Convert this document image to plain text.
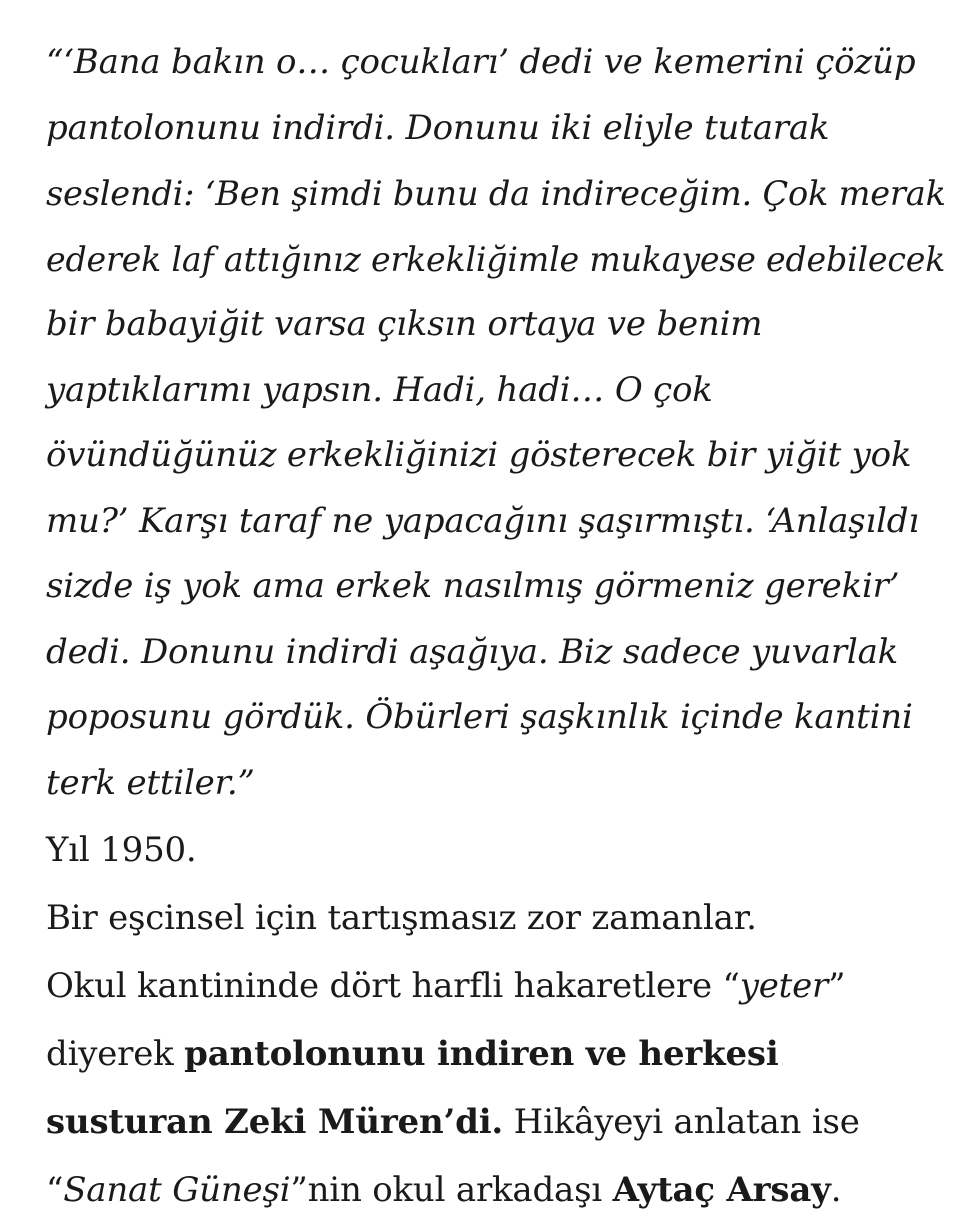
“‘Bana bakın o… çocukları’ dedi ve kemerini çözüp
pantolonunu indirdi. Donunu iki eliyle tutarak
seslendi: ‘Ben şimdi bunu da indireceğim. Çok merak
ederek laf attığınız erkekliğimle mukayese edebilecek
bir babayiğit varsa çıksın ortaya ve benim
yaptıklarımı yapsın. Hadi, hadi… O çok
övündüğünüz erkekliğinizi gösterecek bir yiğit yok
mu?’ Karşı taraf ne yapacağını şaşırmıştı. ‘Anlaşıldı
sizde iş yok ama erkek nasılmış görmeniz gerekir’
dedi. Donunu indirdi aşağıya. Biz sadece yuvarlak
poposunu gördük. Öbürleri şaşkınlık içinde kantini
terk ettiler.”
Yıl 1950.
Bir eşcinsel için tartışmasız zor zamanlar.
Okul kantininde dört harfli hakaretlere “yeter”
diyerek pantolonunu indiren ve herkesi
susturan Zeki Müren’di. Hikâyeyi anlatan ise
“Sanat Güneşi”nin okul arkadaşı Aytaç Arsay.
